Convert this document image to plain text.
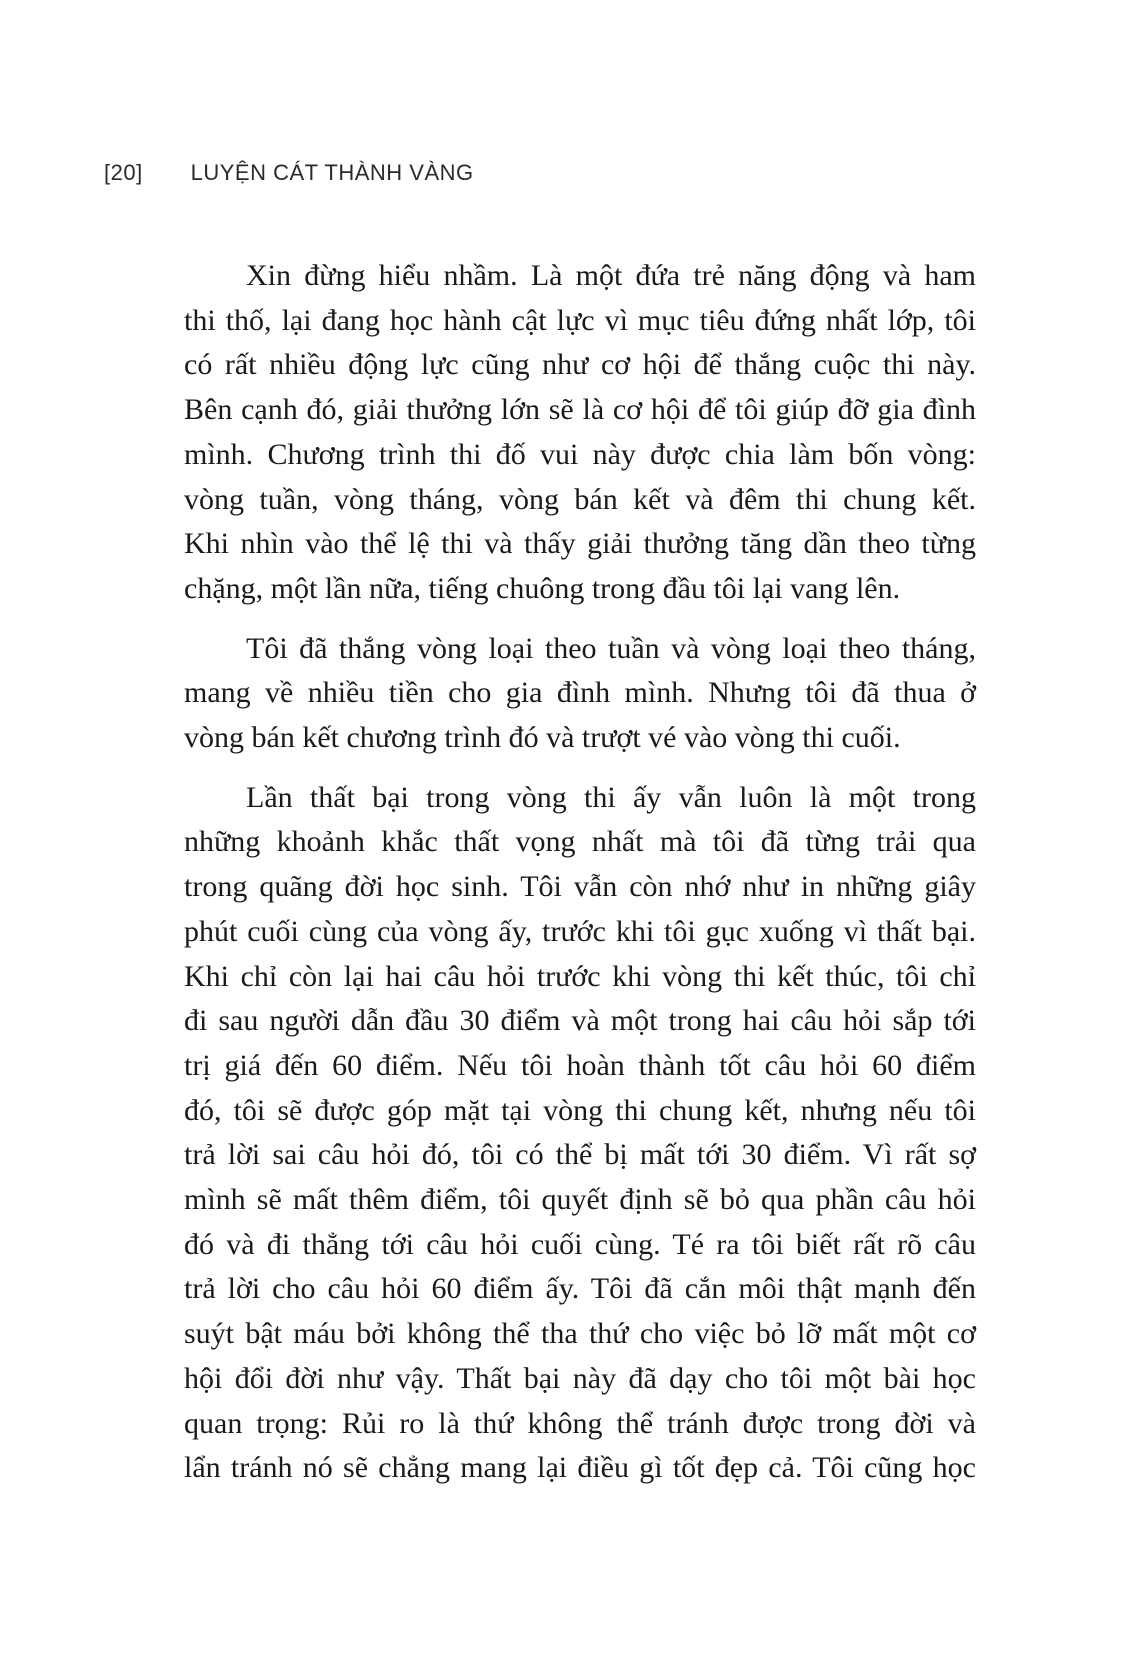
[20] LUYỆN CÁT THÀNH VÀNG

Xin đừng hiểu nhầm. Là một đứa trẻ năng động và ham
thi thố, lại đang học hành cật lực vì mục tiêu đứng nhất lớp, tôi
có rất nhiều động lực cũng như cơ hội để thắng cuộc thi này.
Bên cạnh đó, giải thưởng lớn sẽ là cơ hội để tôi giúp đỡ gia đình
mình. Chương trình thi đố vui này được chia làm bốn vòng:
vòng tuần, vòng tháng, vòng bán kết và đêm thi chung kết.
Khi nhìn vào thể lệ thi và thấy giải thưởng tăng dần theo từng
chặng, một lần nữa, tiếng chuông trong đầu tôi lại vang lên.

Tôi đã thắng vòng loại theo tuần và vòng loại theo tháng,
mang về nhiều tiền cho gia đình mình. Nhưng tôi đã thua ở
vòng bán kết chương trình đó và trượt vé vào vòng thi cuối.

Lần thất bại trong vòng thi ấy vẫn luôn là một trong
những khoảnh khắc thất vọng nhất mà tôi đã từng trải qua
trong quãng đời học sinh. Tôi vẫn còn nhớ như in những giây
phút cuối cùng của vòng ấy, trước khi tôi gục xuống vì thất bại.
Khi chỉ còn lại hai câu hỏi trước khi vòng thi kết thúc, tôi chỉ
đi sau người dẫn đầu 30 điểm và một trong hai câu hỏi sắp tới
trị giá đến 60 điểm. Nếu tôi hoàn thành tốt câu hỏi 60 điểm
đó, tôi sẽ được góp mặt tại vòng thi chung kết, nhưng nếu tôi
trả lời sai câu hỏi đó, tôi có thể bị mất tới 30 điểm. Vì rất sợ
mình sẽ mất thêm điểm, tôi quyết định sẽ bỏ qua phần câu hỏi
đó và đi thẳng tới câu hỏi cuối cùng. Té ra tôi biết rất rõ câu
trả lời cho câu hỏi 60 điểm ấy. Tôi đã cắn môi thật mạnh đến
suýt bật máu bởi không thể tha thứ cho việc bỏ lỡ mất một cơ
hội đổi đời như vậy. Thất bại này đã dạy cho tôi một bài học
quan trọng: Rủi ro là thứ không thể tránh được trong đời và
lẩn tránh nó sẽ chẳng mang lại điều gì tốt đẹp cả. Tôi cũng học
